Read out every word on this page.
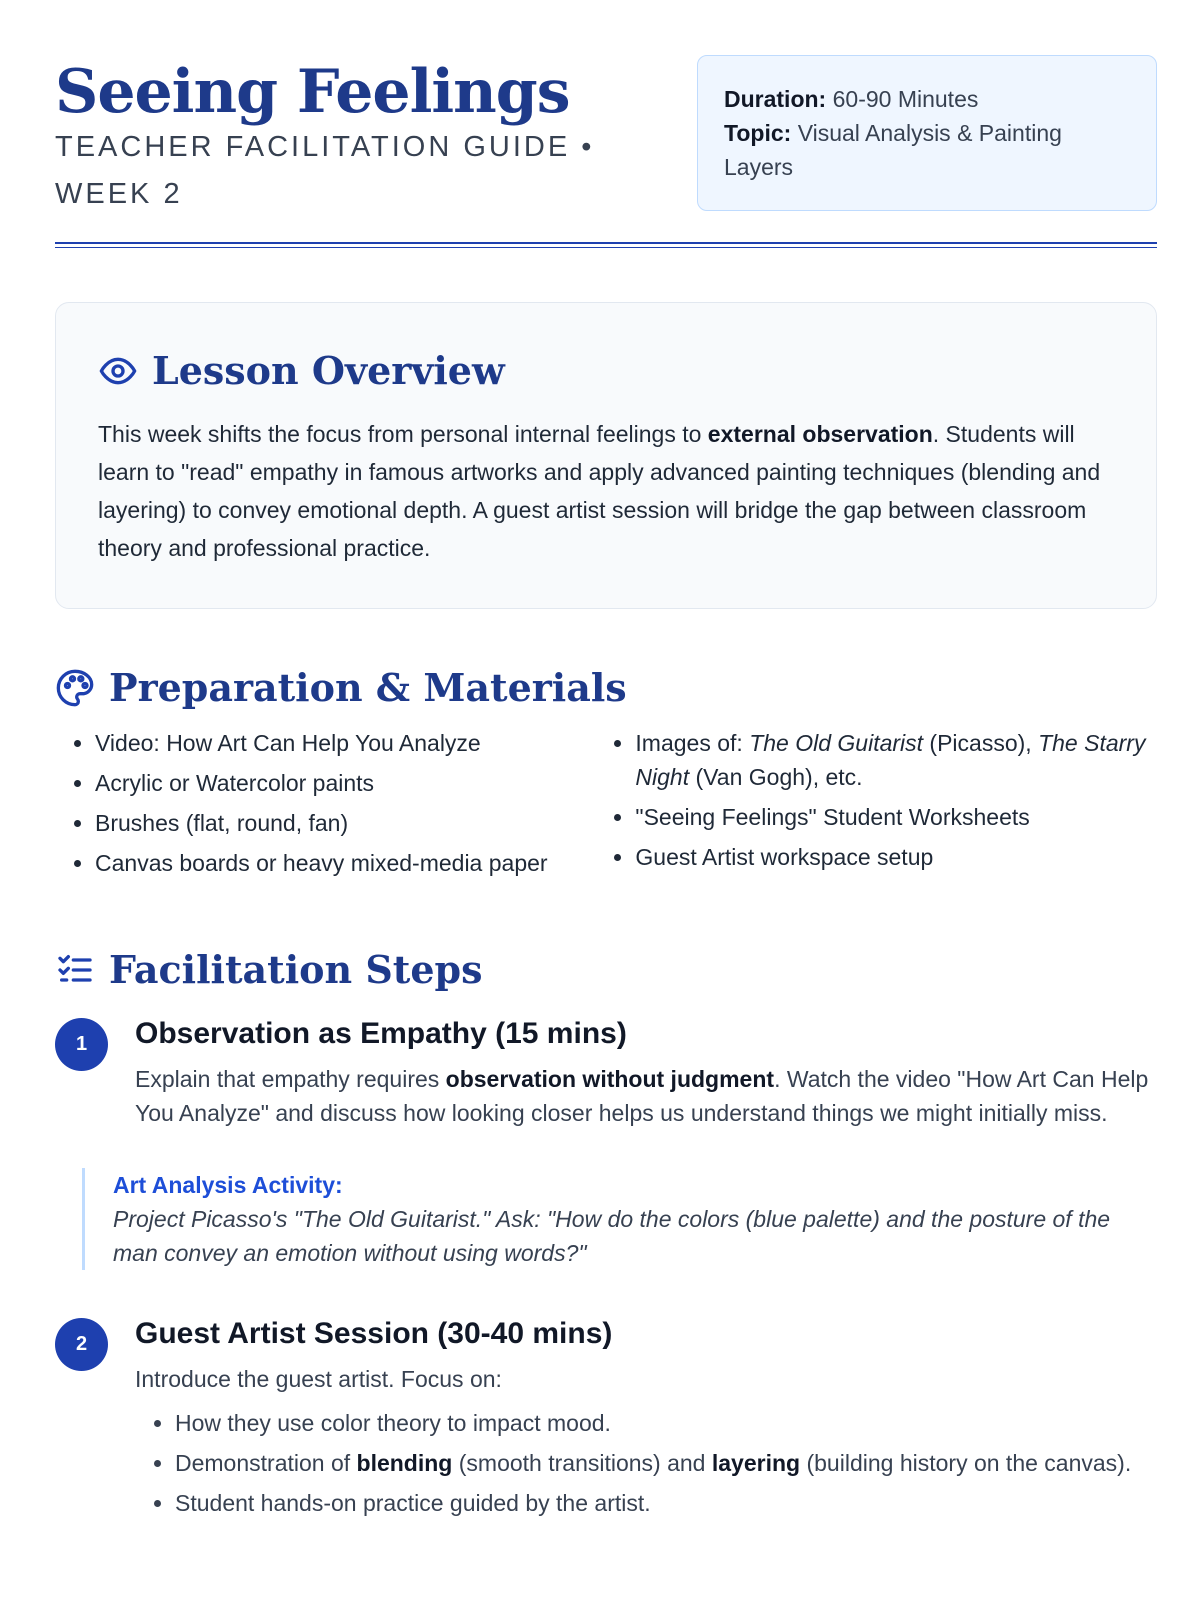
Seeing Feelings
TEACHER FACILITATION GUIDE • WEEK 2
Duration: 60-90 Minutes
Topic: Visual Analysis & Painting Layers
Lesson Overview

This week shifts the focus from personal internal feelings to external observation. Students will learn to "read" empathy in famous artworks and apply advanced painting techniques (blending and layering) to convey emotional depth. A guest artist session will bridge the gap between classroom theory and professional practice.

Preparation & Materials
• Video: How Art Can Help You Analyze
• Acrylic or Watercolor paints
• Brushes (flat, round, fan)
• Canvas boards or heavy mixed-media paper
• Images of: The Old Guitarist (Picasso), The Starry Night (Van Gogh), etc.
• "Seeing Feelings" Student Worksheets
• Guest Artist workspace setup
Facilitation Steps
1	Observation as Empathy (15 mins)

Explain that empathy requires observation without judgment. Watch the video "How Art Can Help You Analyze" and discuss how looking closer helps us understand things we might initially miss.

Art Analysis Activity:
Project Picasso's "The Old Guitarist." Ask: "How do the colors (blue palette) and the posture of the man convey an emotion without using words?"
2	Guest Artist Session (30-40 mins)

Introduce the guest artist. Focus on:

• How they use color theory to impact mood.
• Demonstration of blending (smooth transitions) and layering (building history on the canvas).
• Student hands-on practice guided by the artist.
